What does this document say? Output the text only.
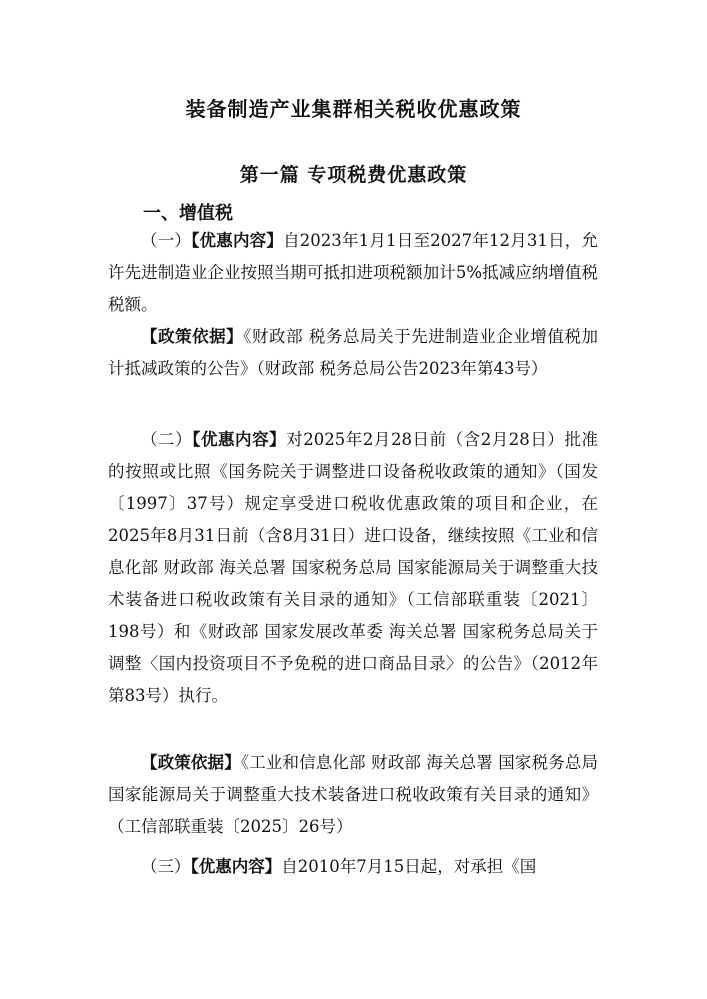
装备制造产业集群相关税收优惠政策
第一篇 专项税费优惠政策
一、增值税

（一）【优惠内容】自2023年1月1日至2027年12月31日，允许先进制造业企业按照当期可抵扣进项税额加计5%抵减应纳增值税税额。

【政策依据】《财政部 税务总局关于先进制造业企业增值税加计抵减政策的公告》（财政部 税务总局公告2023年第43号）

（二）【优惠内容】对2025年2月28日前（含2月28日）批准的按照或比照《国务院关于调整进口设备税收政策的通知》（国发〔1997〕37号）规定享受进口税收优惠政策的项目和企业，在2025年8月31日前（含8月31日）进口设备，继续按照《工业和信息化部 财政部 海关总署 国家税务总局 国家能源局关于调整重大技术装备进口税收政策有关目录的通知》（工信部联重装〔2021〕198号）和《财政部 国家发展改革委 海关总署 国家税务总局关于调整〈国内投资项目不予免税的进口商品目录〉的公告》（2012年第83号）执行。

【政策依据】《工业和信息化部 财政部 海关总署 国家税务总局 国家能源局关于调整重大技术装备进口税收政策有关目录的通知》（工信部联重装〔2025〕26号）

（三）【优惠内容】自2010年7月15日起，对承担《国
